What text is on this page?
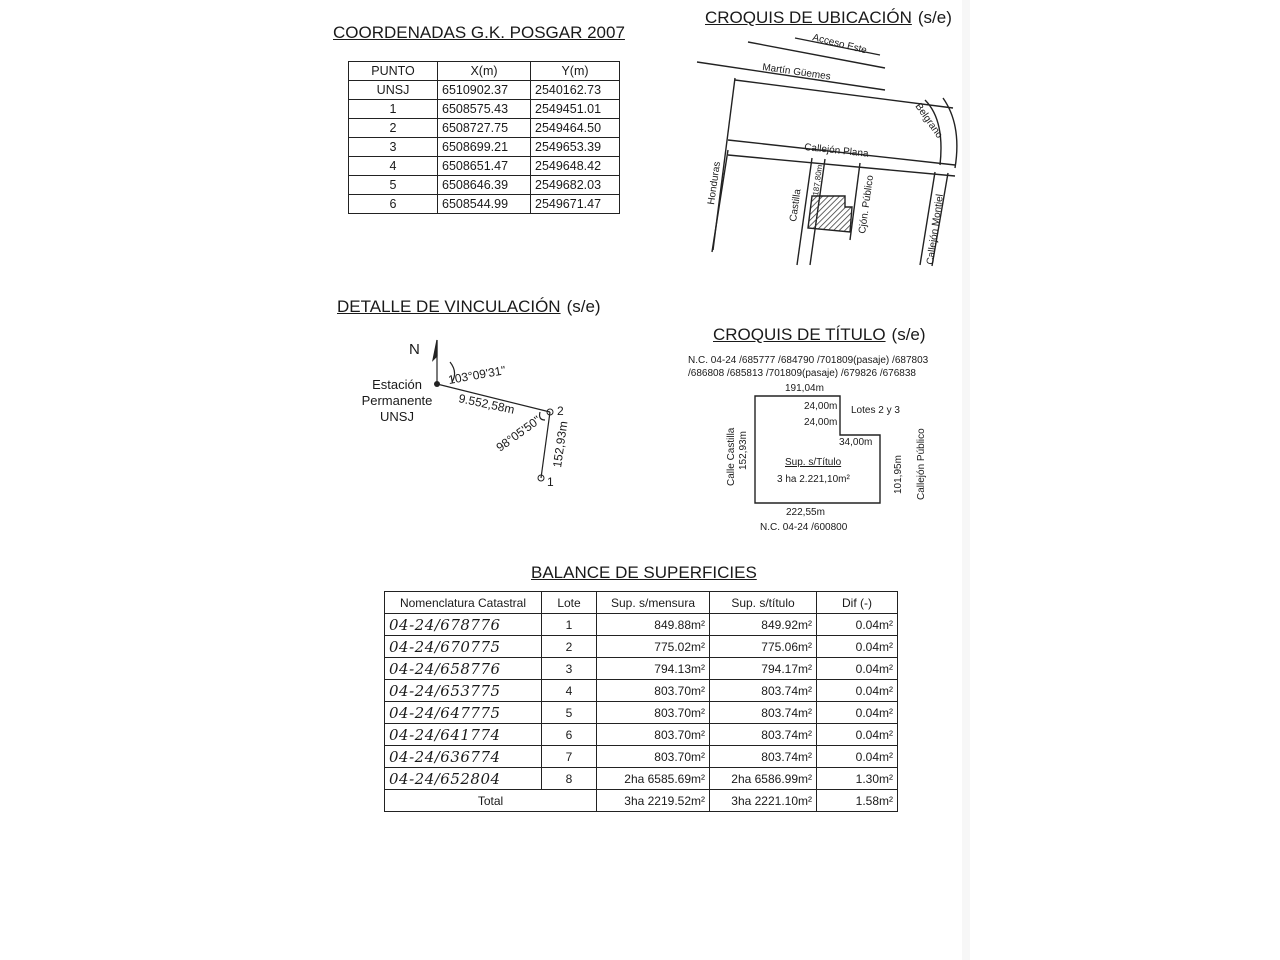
COORDENADAS G.K. POSGAR 2007
PUNTO	X(m)	Y(m)
UNSJ	6510902.37	2540162.73
1	6508575.43	2549451.01
2	6508727.75	2549464.50
3	6508699.21	2549653.39
4	6508651.47	2549648.42
5	6508646.39	2549682.03
6	6508544.99	2549671.47
CROQUIS DE UBICACIÓN (s/e)
Acceso Este
Martín Güemes
Belgrano
Callejón Plana
Honduras	Castilla
187,80m	Cjón. Público	Callejón Montiel
N
103°09'31"
9.552,58m
98°05'50" 152,93m
2
1
152,93m
Calle Castilla	101,95m Callejón Público
DETALLE DE VINCULACIÓN (s/e)
Estación
Permanente
UNSJ
CROQUIS DE TÍTULO (s/e)
N.C. 04-24 /685777 /684790 /701809(pasaje) /687803
/686808 /685813 /701809(pasaje) /679826 /676838
191,04m
24,00m
24,00m
Lotes 2 y 3
34,00m
Sup. s/Título
3 ha 2.221,10m²
222,55m
N.C. 04-24 /600800
BALANCE DE SUPERFICIES
Nomenclatura Catastral	Lote	Sup. s/mensura	Sup. s/título	Dif (-)
04-24/678776	1	849.88m²	849.92m²	0.04m²
04-24/670775	2	775.02m²	775.06m²	0.04m²
04-24/658776	3	794.13m²	794.17m²	0.04m²
04-24/653775	4	803.70m²	803.74m²	0.04m²
04-24/647775	5	803.70m²	803.74m²	0.04m²
04-24/641774	6	803.70m²	803.74m²	0.04m²
04-24/636774	7	803.70m²	803.74m²	0.04m²
04-24/652804	8	2ha 6585.69m²	2ha 6586.99m²	1.30m²
Total		3ha 2219.52m²	3ha 2221.10m²	1.58m²
